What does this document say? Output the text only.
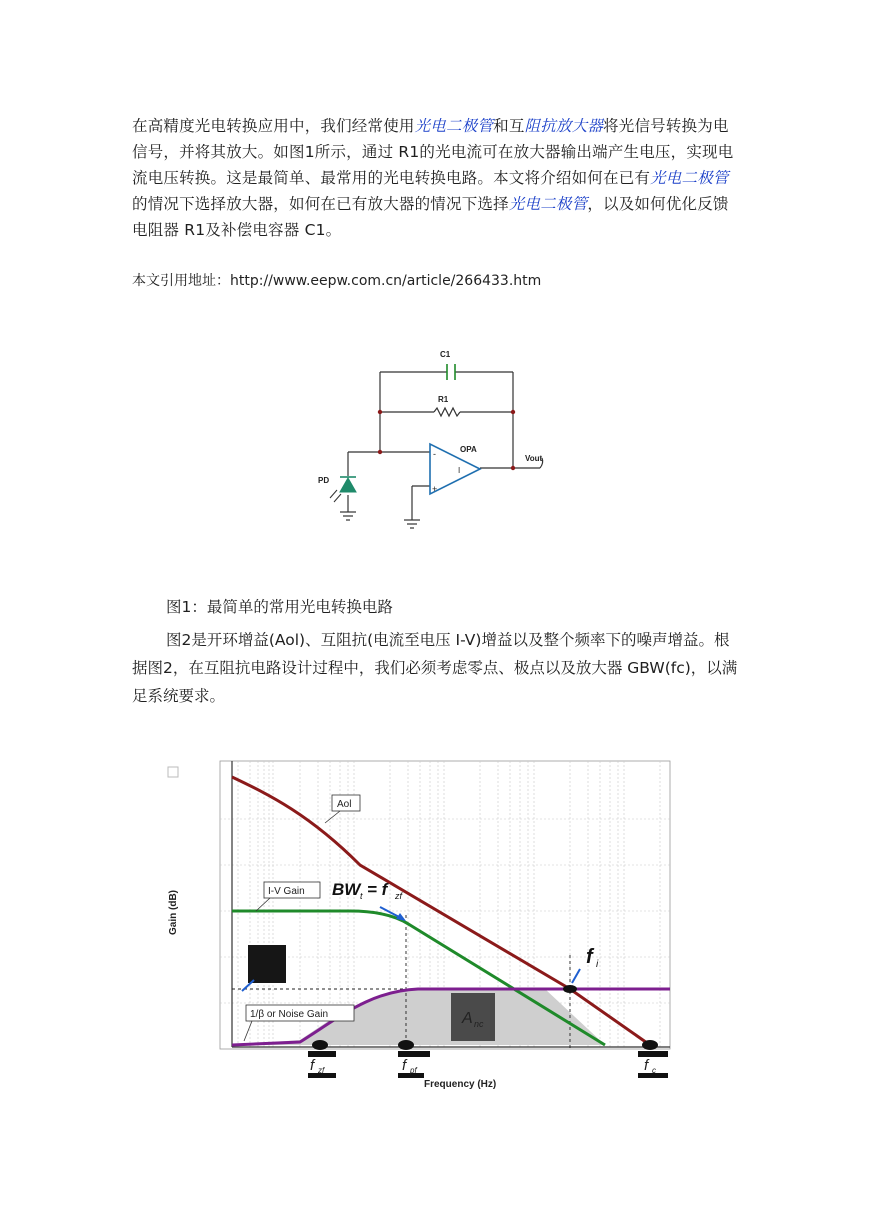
在高精度光电转换应用中，我们经常使用光电二极管和互阻抗放大器将光信号转换为电信号，并将其放大。如图1所示，通过 R1的光电流可在放大器输出端产生电压，实现电流电压转换。这是最简单、最常用的光电转换电路。本文将介绍如何在已有光电二极管的情况下选择放大器，如何在已有放大器的情况下选择光电二极管，以及如何优化反馈电阻器 R1及补偿电容器 C1。
本文引用地址：http://www.eepw.com.cn/article/266433.htm
C1
R1
OPA
Vout
PD
-
+
I
图1：最简单的常用光电转换电路
图2是开环增益(Aol)、互阻抗(电流至电压 I-V)增益以及整个频率下的噪声增益。根据图2，在互阻抗电路设计过程中，我们必须考虑零点、极点以及放大器 GBW(fc)，以满足系统要求。
A nc
Aol
I-V Gain
1/β or Noise Gain
BW t = f zf
f i
Gain (dB)
f zf	f pf	f c
Frequency (Hz)
